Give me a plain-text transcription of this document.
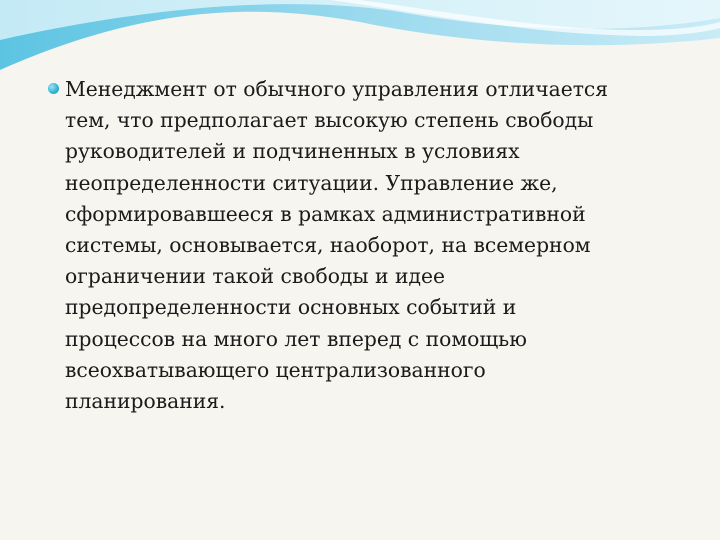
Менеджмент от обычного управления отличается
тем, что предполагает высокую степень свободы
руководителей и подчиненных в условиях
неопределенности ситуации. Управление же,
сформировавшееся в рамках административной
системы, основывается, наоборот, на всемерном
ограничении такой свободы и идее
предопределенности основных событий и
процессов на много лет вперед с помощью
всеохватывающего централизованного
планирования.
